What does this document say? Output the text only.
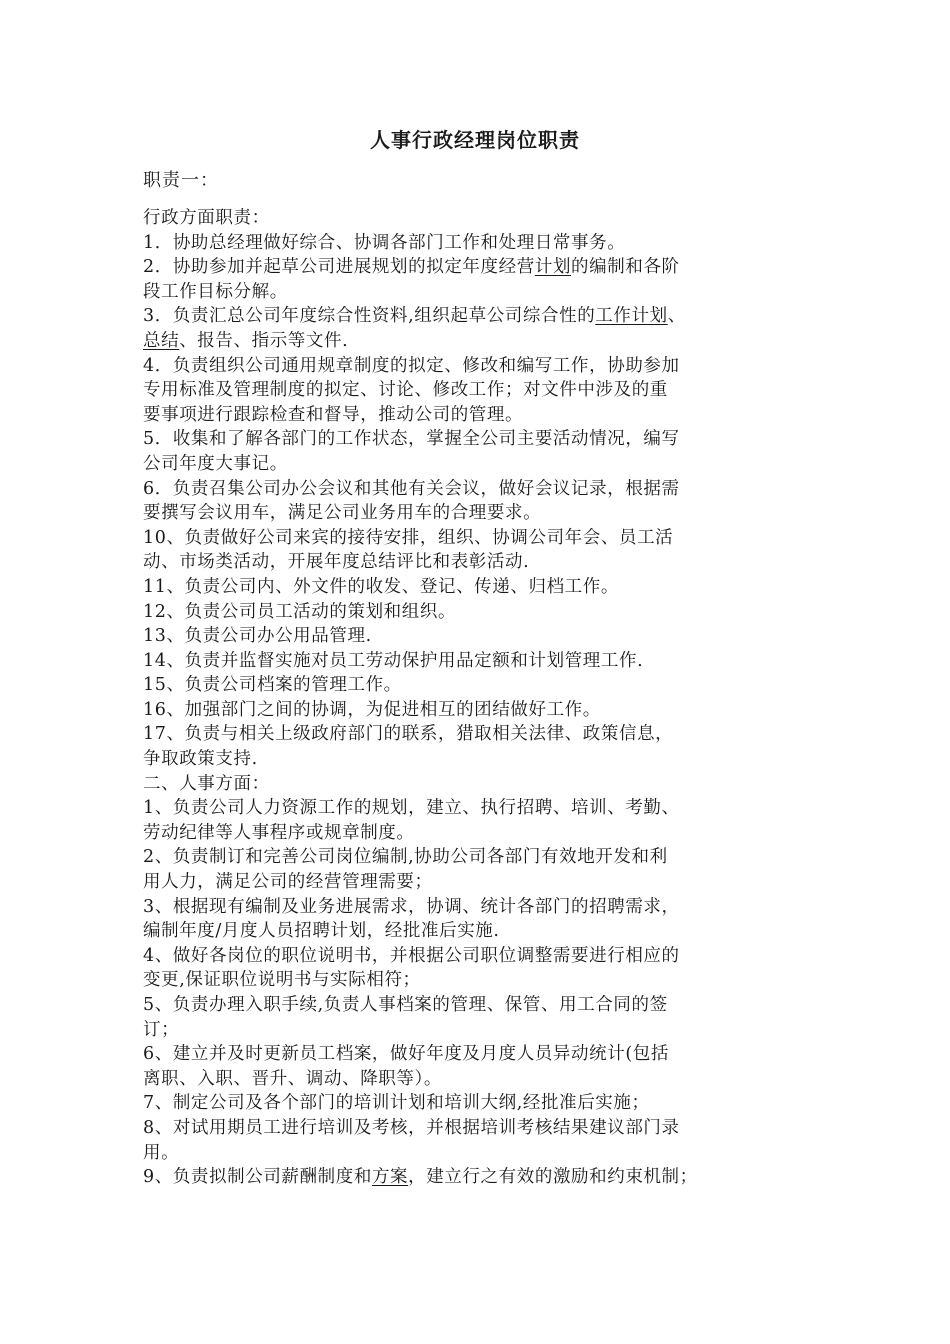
人事行政经理岗位职责
职责一：
行政方面职责：
1．协助总经理做好综合、协调各部门工作和处理日常事务。
2．协助参加并起草公司进展规划的拟定年度经营计划的编制和各阶
段工作目标分解。
3．负责汇总公司年度综合性资料,组织起草公司综合性的工作计划、
总结、报告、指示等文件.
4．负责组织公司通用规章制度的拟定、修改和编写工作，协助参加
专用标准及管理制度的拟定、讨论、修改工作；对文件中涉及的重
要事项进行跟踪检查和督导，推动公司的管理。
5．收集和了解各部门的工作状态，掌握全公司主要活动情况，编写
公司年度大事记。
6．负责召集公司办公会议和其他有关会议，做好会议记录，根据需
要撰写会议用车，满足公司业务用车的合理要求。
10、负责做好公司来宾的接待安排，组织、协调公司年会、员工活
动、市场类活动，开展年度总结评比和表彰活动.
11、负责公司内、外文件的收发、登记、传递、归档工作。
12、负责公司员工活动的策划和组织。
13、负责公司办公用品管理.
14、负责并监督实施对员工劳动保护用品定额和计划管理工作.
15、负责公司档案的管理工作。
16、加强部门之间的协调，为促进相互的团结做好工作。
17、负责与相关上级政府部门的联系，猎取相关法律、政策信息，
争取政策支持.
二、人事方面：
1、负责公司人力资源工作的规划，建立、执行招聘、培训、考勤、
劳动纪律等人事程序或规章制度。
2、负责制订和完善公司岗位编制,协助公司各部门有效地开发和利
用人力，满足公司的经营管理需要；
3、根据现有编制及业务进展需求，协调、统计各部门的招聘需求，
编制年度/月度人员招聘计划，经批准后实施.
4、做好各岗位的职位说明书，并根据公司职位调整需要进行相应的
变更,保证职位说明书与实际相符；
5、负责办理入职手续,负责人事档案的管理、保管、用工合同的签
订；
6、建立并及时更新员工档案，做好年度及月度人员异动统计(包括
离职、入职、晋升、调动、降职等）。
7、制定公司及各个部门的培训计划和培训大纲,经批准后实施；
8、对试用期员工进行培训及考核，并根据培训考核结果建议部门录
用。
9、负责拟制公司薪酬制度和方案，建立行之有效的激励和约束机制；
